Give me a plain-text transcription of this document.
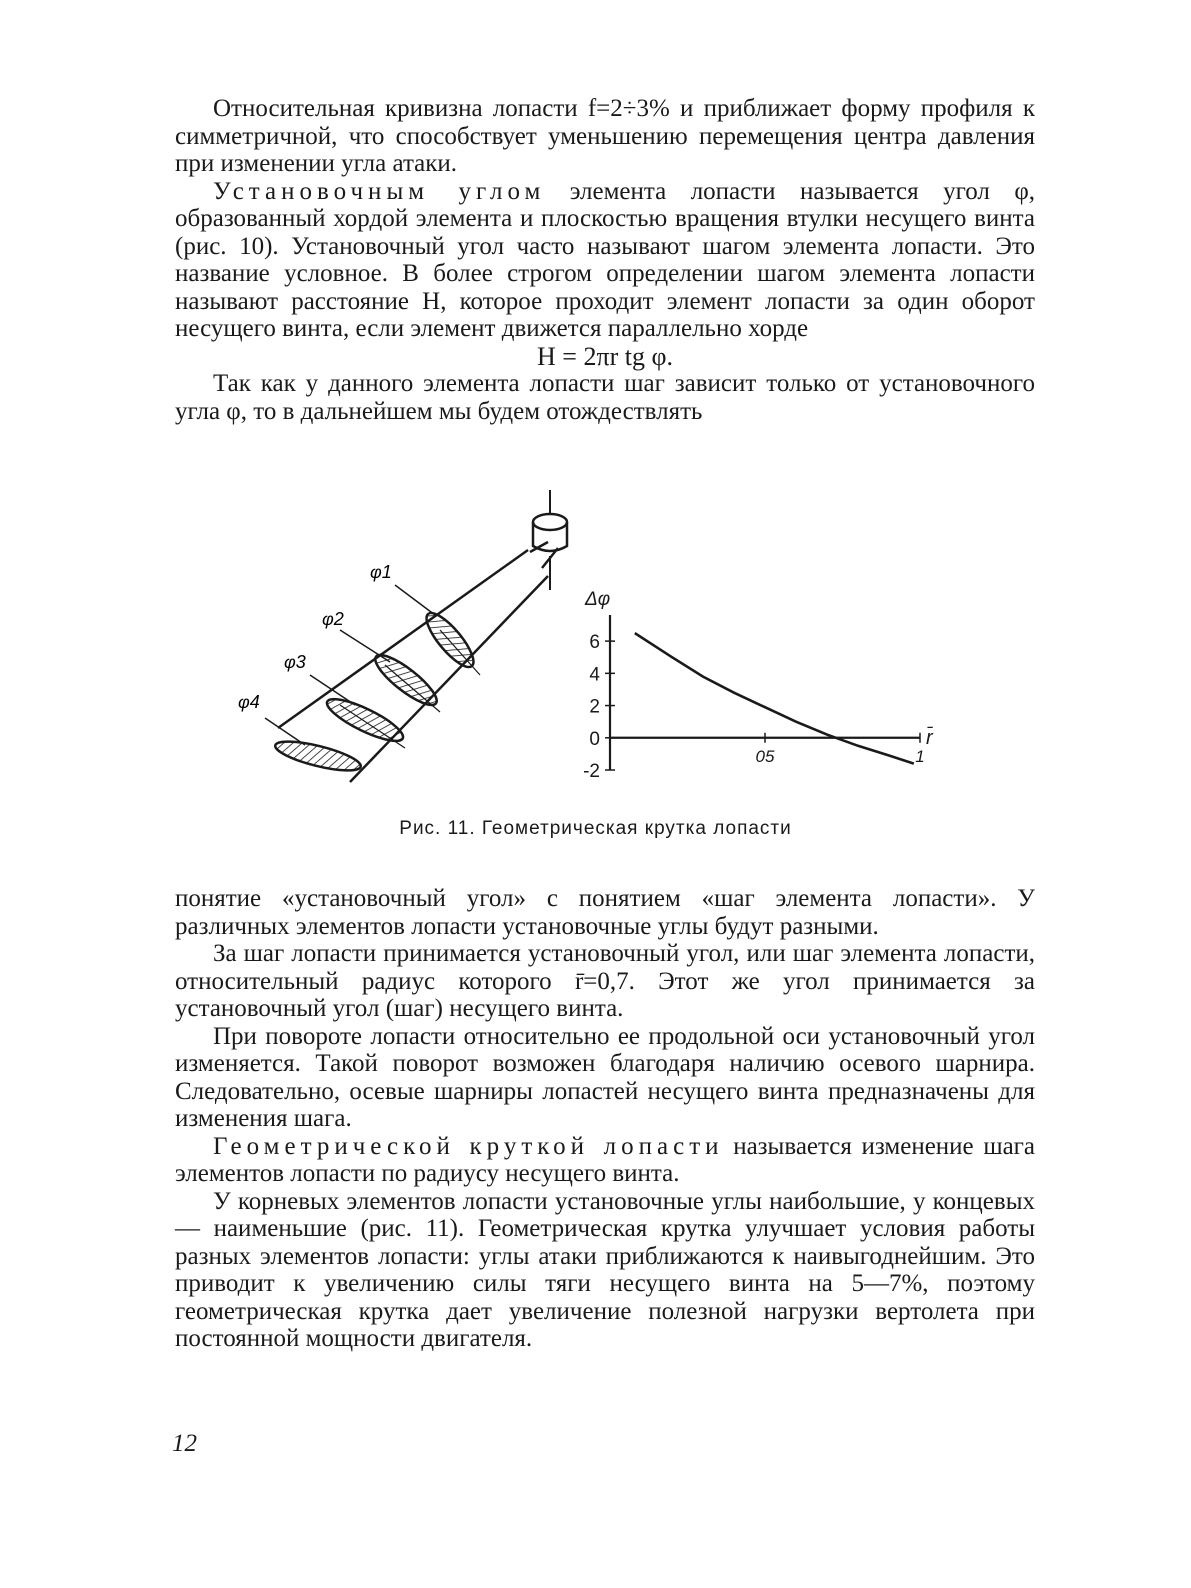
Относительная кривизна лопасти f=2÷3% и приближает форму профиля к симметричной, что способствует уменьшению перемещения центра давления при изменении угла атаки.

Установочным углом элемента лопасти называется угол φ, образованный хордой элемента и плоскостью вращения втулки несущего винта (рис. 10). Установочный угол часто называют шагом элемента лопасти. Это название условное. В более строгом определении шагом элемента лопасти называют расстояние H, которое проходит элемент лопасти за один оборот несущего винта, если элемент движется параллельно хорде

H = 2πr tg φ.

Так как у данного элемента лопасти шаг зависит только от установочного угла φ, то в дальнейшем мы будем отождествлять

φ1
φ2
φ3
φ4
6
4
2
0
-2
05	1
Δφ
r̄
Рис. 11. Геометрическая крутка лопасти

понятие «установочный угол» с понятием «шаг элемента лопасти». У различных элементов лопасти установочные углы будут разными.

За шаг лопасти принимается установочный угол, или шаг элемента лопасти, относительный радиус которого r̄=0,7. Этот же угол принимается за установочный угол (шаг) несущего винта.

При повороте лопасти относительно ее продольной оси установочный угол изменяется. Такой поворот возможен благодаря наличию осевого шарнира. Следовательно, осевые шарниры лопастей несущего винта предназначены для изменения шага.

Геометрической круткой лопасти называется изменение шага элементов лопасти по радиусу несущего винта.

У корневых элементов лопасти установочные углы наибольшие, у концевых — наименьшие (рис. 11). Геометрическая крутка улучшает условия работы разных элементов лопасти: углы атаки приближаются к наивыгоднейшим. Это приводит к увеличению силы тяги несущего винта на 5—7%, поэтому геометрическая крутка дает увеличение полезной нагрузки вертолета при постоянной мощности двигателя.

12
